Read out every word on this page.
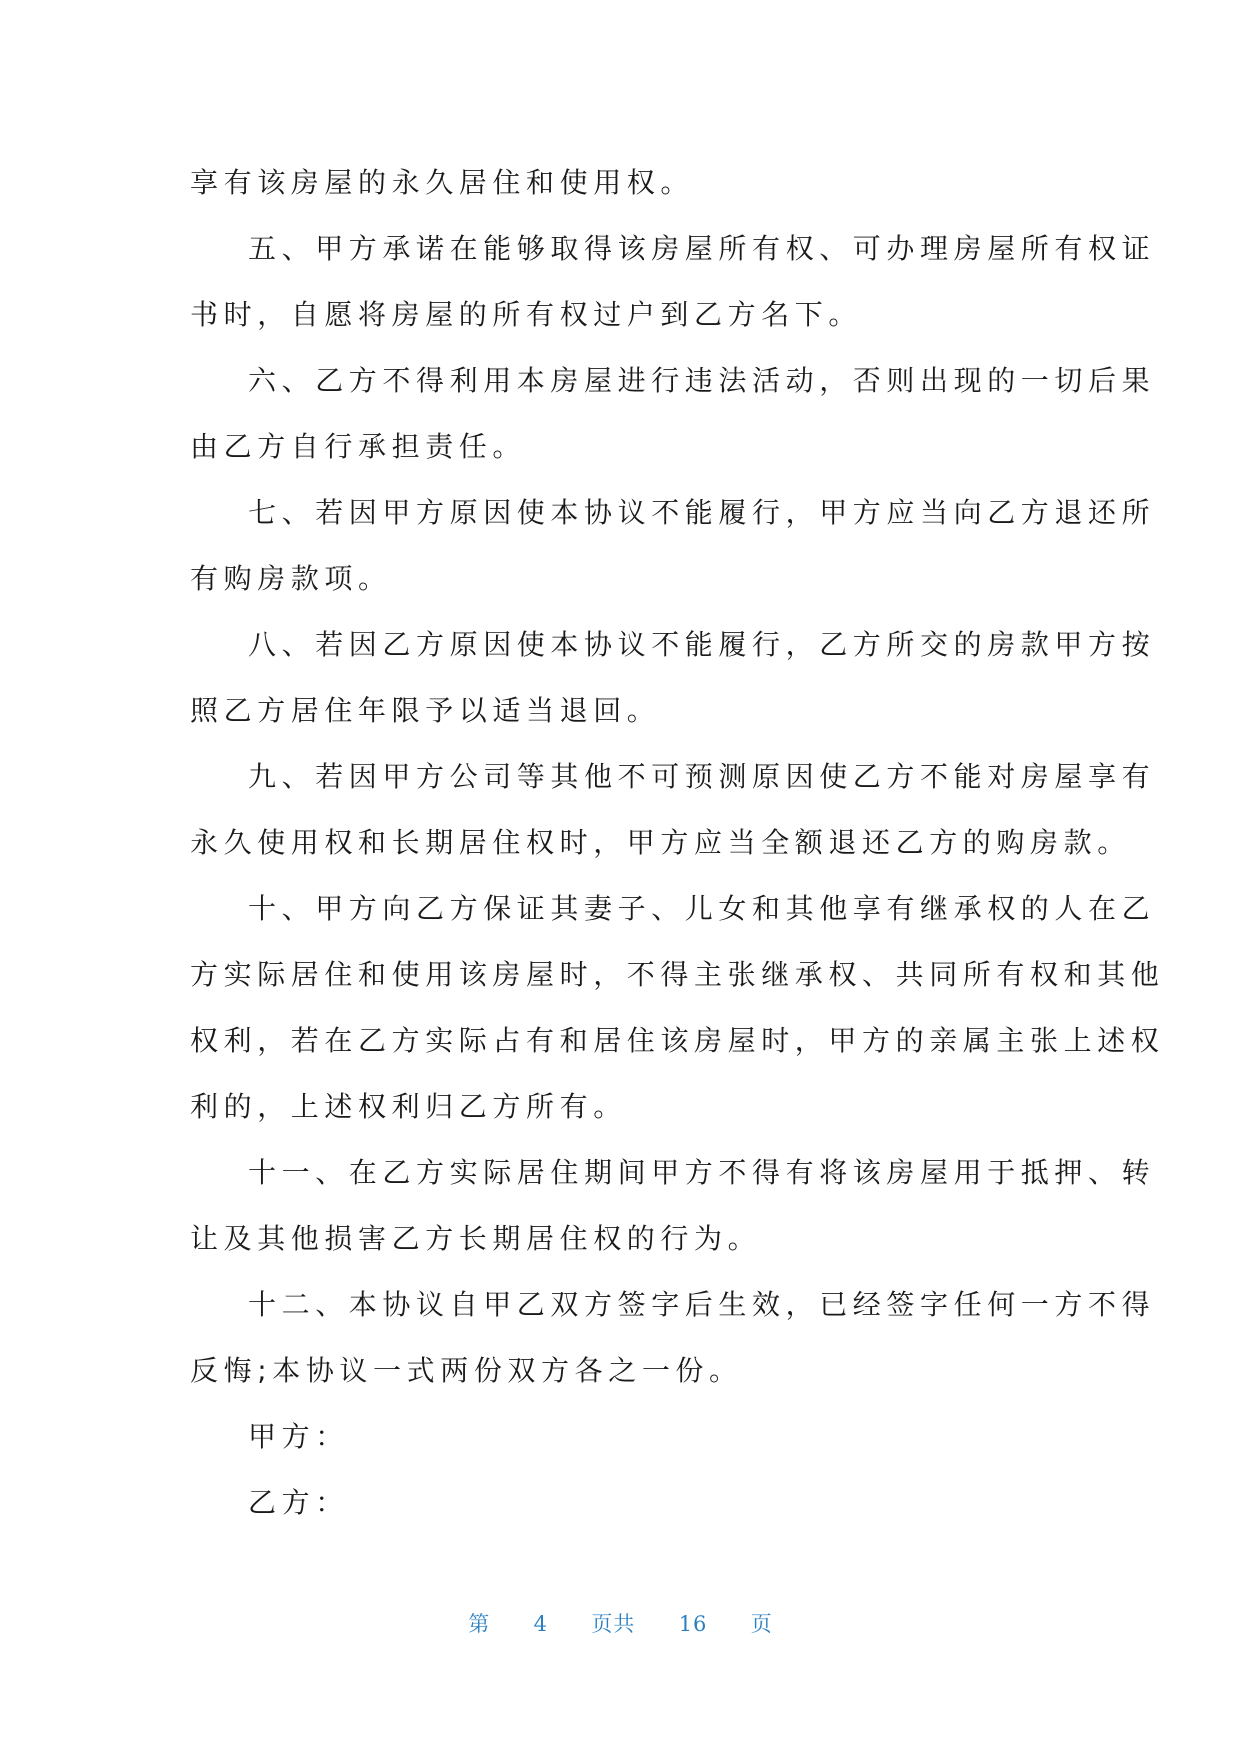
享有该房屋的永久居住和使用权。

五、甲方承诺在能够取得该房屋所有权、可办理房屋所有权证
书时，自愿将房屋的所有权过户到乙方名下。

六、乙方不得利用本房屋进行违法活动，否则出现的一切后果
由乙方自行承担责任。

七、若因甲方原因使本协议不能履行，甲方应当向乙方退还所
有购房款项。

八、若因乙方原因使本协议不能履行，乙方所交的房款甲方按
照乙方居住年限予以适当退回。

九、若因甲方公司等其他不可预测原因使乙方不能对房屋享有
永久使用权和长期居住权时，甲方应当全额退还乙方的购房款。

十、甲方向乙方保证其妻子、儿女和其他享有继承权的人在乙
方实际居住和使用该房屋时，不得主张继承权、共同所有权和其他
权利，若在乙方实际占有和居住该房屋时，甲方的亲属主张上述权
利的，上述权利归乙方所有。

十一、在乙方实际居住期间甲方不得有将该房屋用于抵押、转
让及其他损害乙方长期居住权的行为。

十二、本协议自甲乙双方签字后生效，已经签字任何一方不得
反悔;本协议一式两份双方各之一份。

甲方：

乙方：

第 4 页共 16 页
